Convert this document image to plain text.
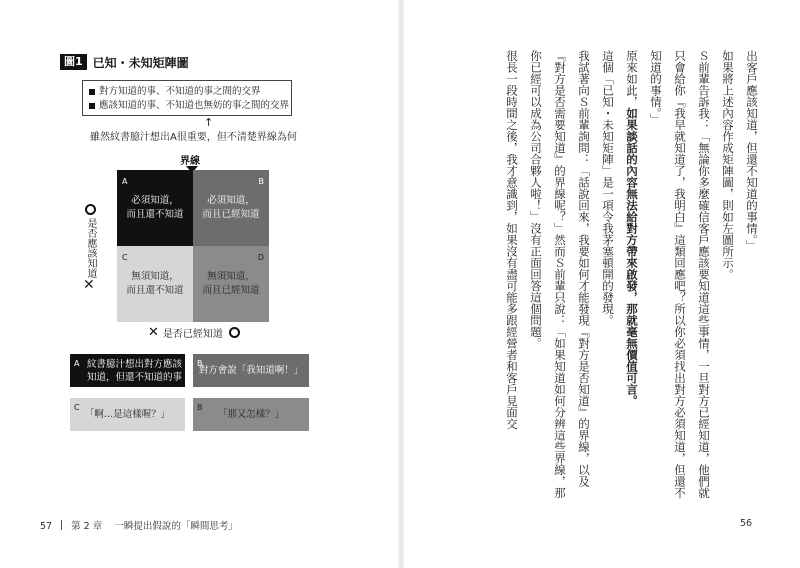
圖1 已知・未知矩陣圖
對方知道的事、不知道的事之間的交界
應該知道的事、不知道也無妨的事之間的交界
↑
雖然紋書臆汁想出A很重要，但不清楚界線為何
界線
A
必須知道，
而且還不知道
B
必須知道，
而且已經知道
C
無須知道，
而且還不知道
D
無須知道，
而且已經知道
是否應該知道
✕
✕ 是否已經知道
A 紋書臆汁想出對方應該知道，但還不知道的事
B
對方會說「我知道啊！」
C
「啊…是這樣喔？」
B
「那又怎樣？」
57 第 2 章 一瞬提出假說的「瞬間思考」

出客戶應該知道，但還不知道的事情。」

如果將上述內容作成矩陣圖，則如左圖所示。

Ｓ前輩告訴我：「無論你多麼確信客戶應該要知道這些事情，一旦對方已經知道，他們就只會給你『我早就知道了，我明白』這類回應吧？所以你必須找出對方必須知道，但還不知道的事情。」

原來如此，如果談話的內容無法給對方帶來啟發，那就毫無價值可言。

這個「已知・未知矩陣」是一項令我茅塞頓開的發現。

我試著向Ｓ前輩詢問：「話說回來，我要如何才能發現『對方是否知道』的界線，以及『對方是否需要知道』的界線呢？」然而Ｓ前輩只說：「如果知道如何分辨這些界線，那你已經可以成為公司合夥人啦！」沒有正面回答這個問題。

很長一段時間之後，我才意識到，如果沒有盡可能多跟經營者和客戶見面交

56
